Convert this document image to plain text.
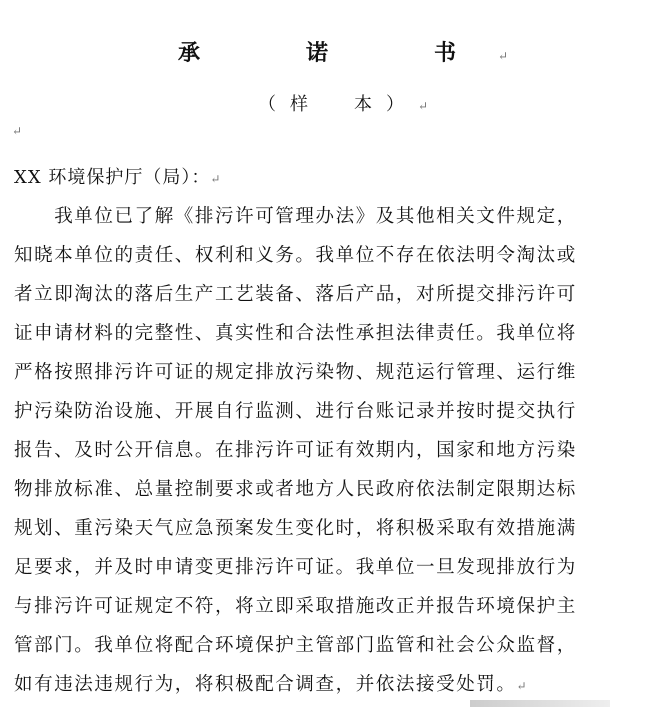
承　诺　书↵
（样　本）↵
↵
XX 环境保护厅（局）：↵
　　我单位已了解《排污许可管理办法》及其他相关文件规定，
知晓本单位的责任、权利和义务。我单位不存在依法明令淘汰或
者立即淘汰的落后生产工艺装备、落后产品，对所提交排污许可
证申请材料的完整性、真实性和合法性承担法律责任。我单位将
严格按照排污许可证的规定排放污染物、规范运行管理、运行维
护污染防治设施、开展自行监测、进行台账记录并按时提交执行
报告、及时公开信息。在排污许可证有效期内，国家和地方污染
物排放标准、总量控制要求或者地方人民政府依法制定限期达标
规划、重污染天气应急预案发生变化时，将积极采取有效措施满
足要求，并及时申请变更排污许可证。我单位一旦发现排放行为
与排污许可证规定不符，将立即采取措施改正并报告环境保护主
管部门。我单位将配合环境保护主管部门监管和社会公众监督，
如有违法违规行为，将积极配合调查，并依法接受处罚。↵
